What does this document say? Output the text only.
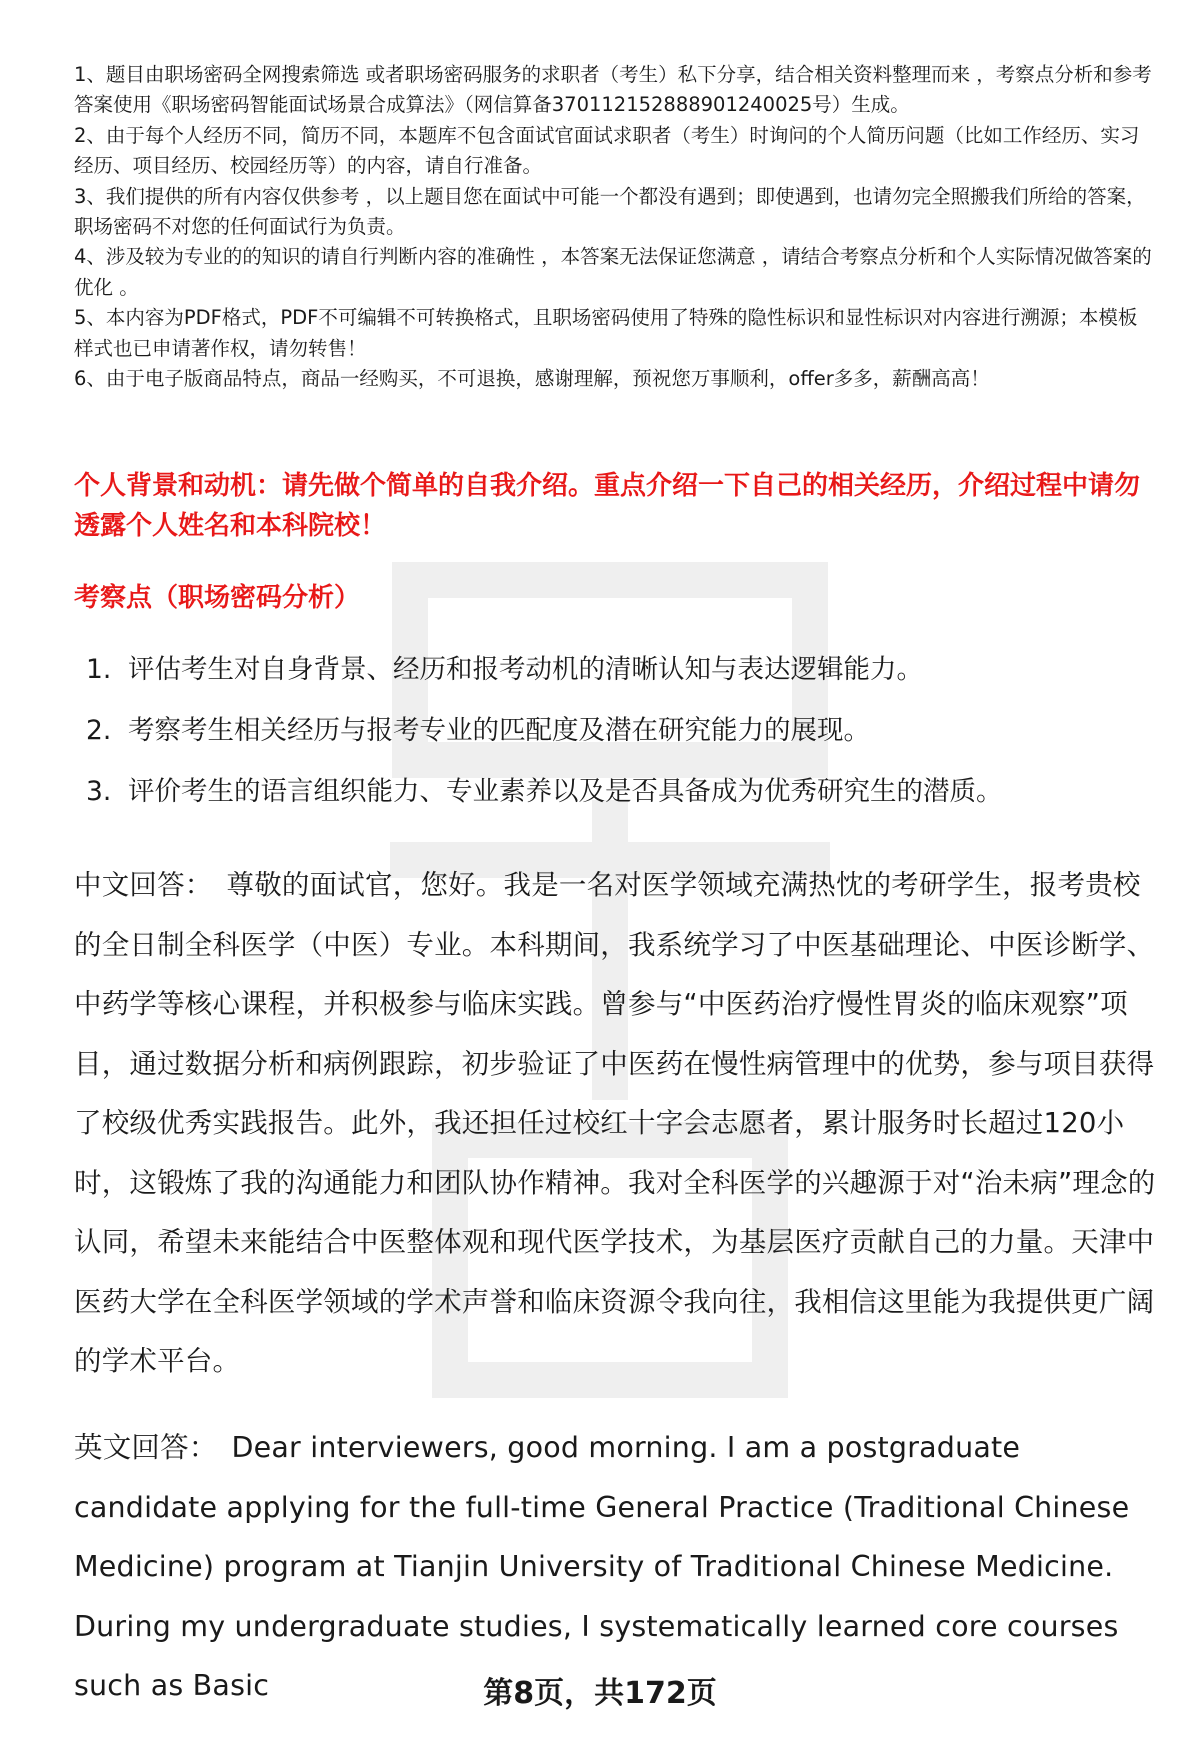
1、题目由职场密码全网搜索筛选 或者职场密码服务的求职者（考生）私下分享，结合相关资料整理而来 ，考察点分析和参考答案使用《职场密码智能面试场景合成算法》（网信算备370112152888901240025号）生成。
2、由于每个人经历不同，简历不同，本题库不包含面试官面试求职者（考生）时询问的个人简历问题（比如工作经历、实习经历、项目经历、校园经历等）的内容，请自行准备。
3、我们提供的所有内容仅供参考 ，以上题目您在面试中可能一个都没有遇到；即使遇到，也请勿完全照搬我们所给的答案，职场密码不对您的任何面试行为负责。
4、涉及较为专业的的知识的请自行判断内容的准确性 ，本答案无法保证您满意 ，请结合考察点分析和个人实际情况做答案的优化 。
5、本内容为PDF格式，PDF不可编辑不可转换格式，且职场密码使用了特殊的隐性标识和显性标识对内容进行溯源；本模板样式也已申请著作权，请勿转售！
6、由于电子版商品特点，商品一经购买，不可退换，感谢理解，预祝您万事顺利，offer多多，薪酬高高！

个人背景和动机：请先做个简单的自我介绍。重点介绍一下自己的相关经历，介绍过程中请勿透露个人姓名和本科院校！

考察点（职场密码分析）

1. 评估考生对自身背景、经历和报考动机的清晰认知与表达逻辑能力。
2. 考察考生相关经历与报考专业的匹配度及潜在研究能力的展现。
3. 评价考生的语言组织能力、专业素养以及是否具备成为优秀研究生的潜质。

中文回答： 尊敬的面试官，您好。我是一名对医学领域充满热忱的考研学生，报考贵校的全日制全科医学（中医）专业。本科期间，我系统学习了中医基础理论、中医诊断学、中药学等核心课程，并积极参与临床实践。曾参与“中医药治疗慢性胃炎的临床观察”项目，通过数据分析和病例跟踪，初步验证了中医药在慢性病管理中的优势，参与项目获得了校级优秀实践报告。此外，我还担任过校红十字会志愿者，累计服务时长超过120小时，这锻炼了我的沟通能力和团队协作精神。我对全科医学的兴趣源于对“治未病”理念的认同，希望未来能结合中医整体观和现代医学技术，为基层医疗贡献自己的力量。天津中医药大学在全科医学领域的学术声誉和临床资源令我向往，我相信这里能为我提供更广阔的学术平台。

英文回答： Dear interviewers, good morning. I am a postgraduate candidate applying for the full-time General Practice (Traditional Chinese Medicine) program at Tianjin University of Traditional Chinese Medicine. During my undergraduate studies, I systematically learned core courses such as Basic	第8页，共172页
